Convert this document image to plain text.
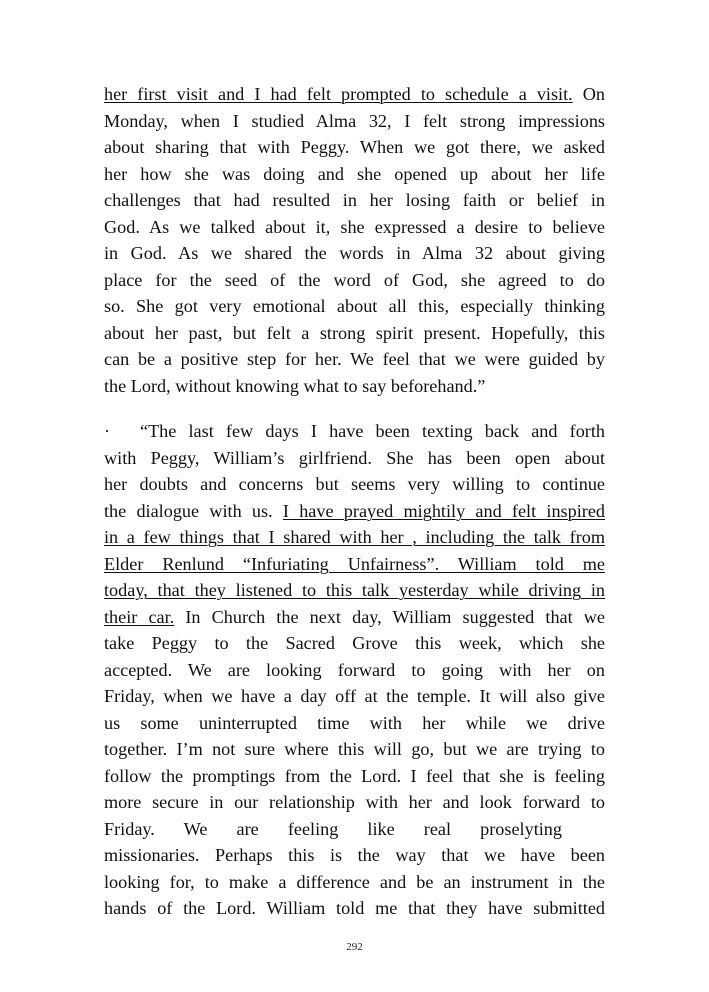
her first visit and I had felt prompted to schedule a visit. On
Monday, when I studied Alma 32, I felt strong impressions
about sharing that with Peggy. When we got there, we asked
her how she was doing and she opened up about her life
challenges that had resulted in her losing faith or belief in
God. As we talked about it, she expressed a desire to believe
in God. As we shared the words in Alma 32 about giving
place for the seed of the word of God, she agreed to do
so. She got very emotional about all this, especially thinking
about her past, but felt a strong spirit present. Hopefully, this
can be a positive step for her. We feel that we were guided by
the Lord, without knowing what to say beforehand.”
· “The last few days I have been texting back and forth
with Peggy, William’s girlfriend. She has been open about
her doubts and concerns but seems very willing to continue
the dialogue with us. I have prayed mightily and felt inspired
in a few things that I shared with her , including the talk from
Elder Renlund “Infuriating Unfairness”. William told me
today, that they listened to this talk yesterday while driving in
their car. In Church the next day, William suggested that we
take Peggy to the Sacred Grove this week, which she
accepted. We are looking forward to going with her on
Friday, when we have a day off at the temple. It will also give
us some uninterrupted time with her while we drive
together. I’m not sure where this will go, but we are trying to
follow the promptings from the Lord. I feel that she is feeling
more secure in our relationship with her and look forward to
Friday. We are feeling like real proselyting
missionaries. Perhaps this is the way that we have been
looking for, to make a difference and be an instrument in the
hands of the Lord. William told me that they have submitted
292
